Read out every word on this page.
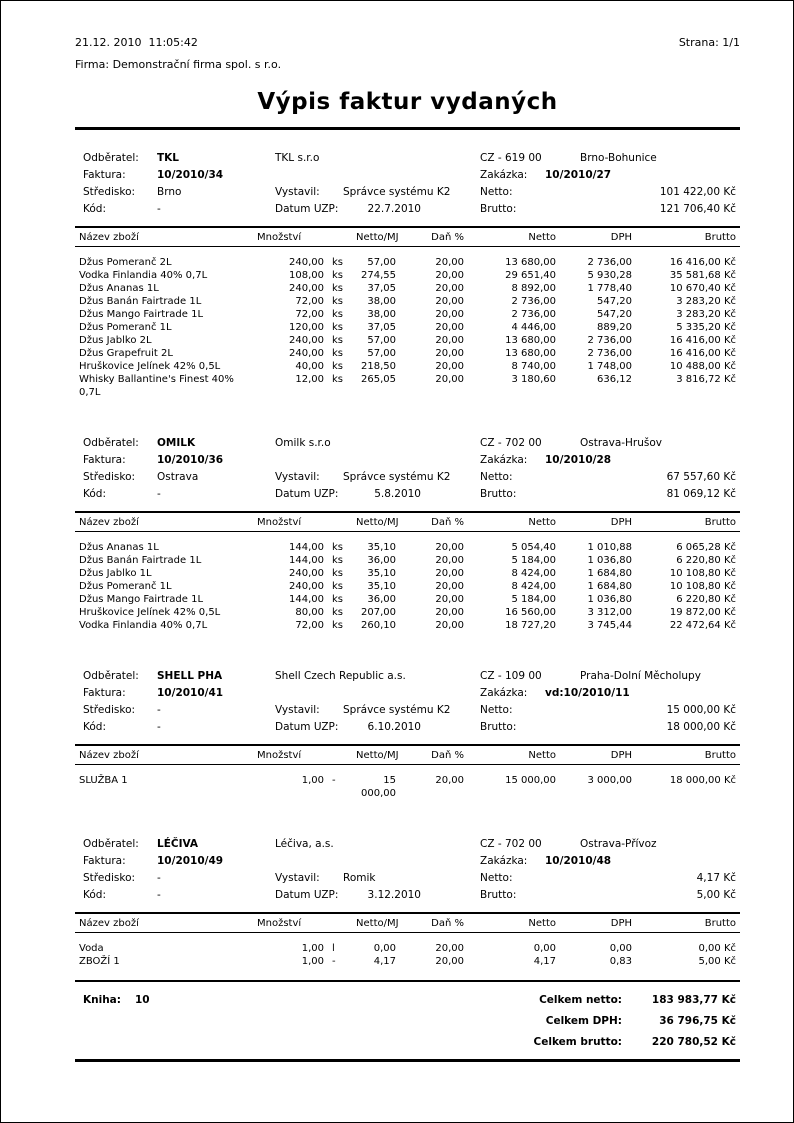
21.12. 2010  11:05:42	Strana: 1/1
Firma: Demonstrační firma spol. s r.o.
Výpis faktur vydaných
Odběratel:	TKL	TKL s.r.o	CZ - 619 00	Brno-Bohunice
Faktura:	10/2010/34	Zakázka:	10/2010/27
Středisko:	Brno	Vystavil: Správce systému K2	Netto:	101 422,00 Kč
Kód:	-	Datum UZP:	22.7.2010	Brutto:	121 706,40 Kč
Název zboží	Množství		Netto/MJ	Daň %	Netto	DPH	Brutto
Džus Pomeranč 2L	240,00	ks	57,00	20,00	13 680,00	2 736,00	16 416,00 Kč
Vodka Finlandia 40% 0,7L	108,00	ks	274,55	20,00	29 651,40	5 930,28	35 581,68 Kč
Džus Ananas 1L	240,00	ks	37,05	20,00	8 892,00	1 778,40	10 670,40 Kč
Džus Banán Fairtrade 1L	72,00	ks	38,00	20,00	2 736,00	547,20	3 283,20 Kč
Džus Mango Fairtrade 1L	72,00	ks	38,00	20,00	2 736,00	547,20	3 283,20 Kč
Džus Pomeranč 1L	120,00	ks	37,05	20,00	4 446,00	889,20	5 335,20 Kč
Džus Jablko 2L	240,00	ks	57,00	20,00	13 680,00	2 736,00	16 416,00 Kč
Džus Grapefruit 2L	240,00	ks	57,00	20,00	13 680,00	2 736,00	16 416,00 Kč
Hruškovice Jelínek 42% 0,5L	40,00	ks	218,50	20,00	8 740,00	1 748,00	10 488,00 Kč
Whisky Ballantine's Finest 40% 0,7L	12,00	ks	265,05	20,00	3 180,60	636,12	3 816,72 Kč
Odběratel:	OMILK	Omilk s.r.o	CZ - 702 00	Ostrava-Hrušov
Faktura:	10/2010/36	Zakázka:	10/2010/28
Středisko:	Ostrava	Vystavil: Správce systému K2	Netto:	67 557,60 Kč
Kód:	-	Datum UZP:	5.8.2010	Brutto:	81 069,12 Kč
Název zboží	Množství		Netto/MJ	Daň %	Netto	DPH	Brutto
Džus Ananas 1L	144,00	ks	35,10	20,00	5 054,40	1 010,88	6 065,28 Kč
Džus Banán Fairtrade 1L	144,00	ks	36,00	20,00	5 184,00	1 036,80	6 220,80 Kč
Džus Jablko 1L	240,00	ks	35,10	20,00	8 424,00	1 684,80	10 108,80 Kč
Džus Pomeranč 1L	240,00	ks	35,10	20,00	8 424,00	1 684,80	10 108,80 Kč
Džus Mango Fairtrade 1L	144,00	ks	36,00	20,00	5 184,00	1 036,80	6 220,80 Kč
Hruškovice Jelínek 42% 0,5L	80,00	ks	207,00	20,00	16 560,00	3 312,00	19 872,00 Kč
Vodka Finlandia 40% 0,7L	72,00	ks	260,10	20,00	18 727,20	3 745,44	22 472,64 Kč
Odběratel:	SHELL PHA	Shell Czech Republic a.s.	CZ - 109 00	Praha-Dolní Měcholupy
Faktura:	10/2010/41	Zakázka:	vd:10/2010/11
Středisko:	-	Vystavil: Správce systému K2	Netto:	15 000,00 Kč
Kód:	-	Datum UZP:	6.10.2010	Brutto:	18 000,00 Kč
Název zboží	Množství		Netto/MJ	Daň %	Netto	DPH	Brutto
SLUŽBA 1	1,00	-	15 000,00	20,00	15 000,00	3 000,00	18 000,00 Kč
Odběratel:	LÉČIVA	Léčiva, a.s.	CZ - 702 00	Ostrava-Přívoz
Faktura:	10/2010/49	Zakázka:	10/2010/48
Středisko:	-	Vystavil: Romik	Netto:	4,17 Kč
Kód:	-	Datum UZP:	3.12.2010	Brutto:	5,00 Kč
Název zboží	Množství		Netto/MJ	Daň %	Netto	DPH	Brutto
Voda	1,00	l	0,00	20,00	0,00	0,00	0,00 Kč
ZBOŽÍ 1	1,00	-	4,17	20,00	4,17	0,83	5,00 Kč
Kniha: 10	Celkem netto:	183 983,77 Kč
Celkem DPH:	36 796,75 Kč
Celkem brutto:	220 780,52 Kč
